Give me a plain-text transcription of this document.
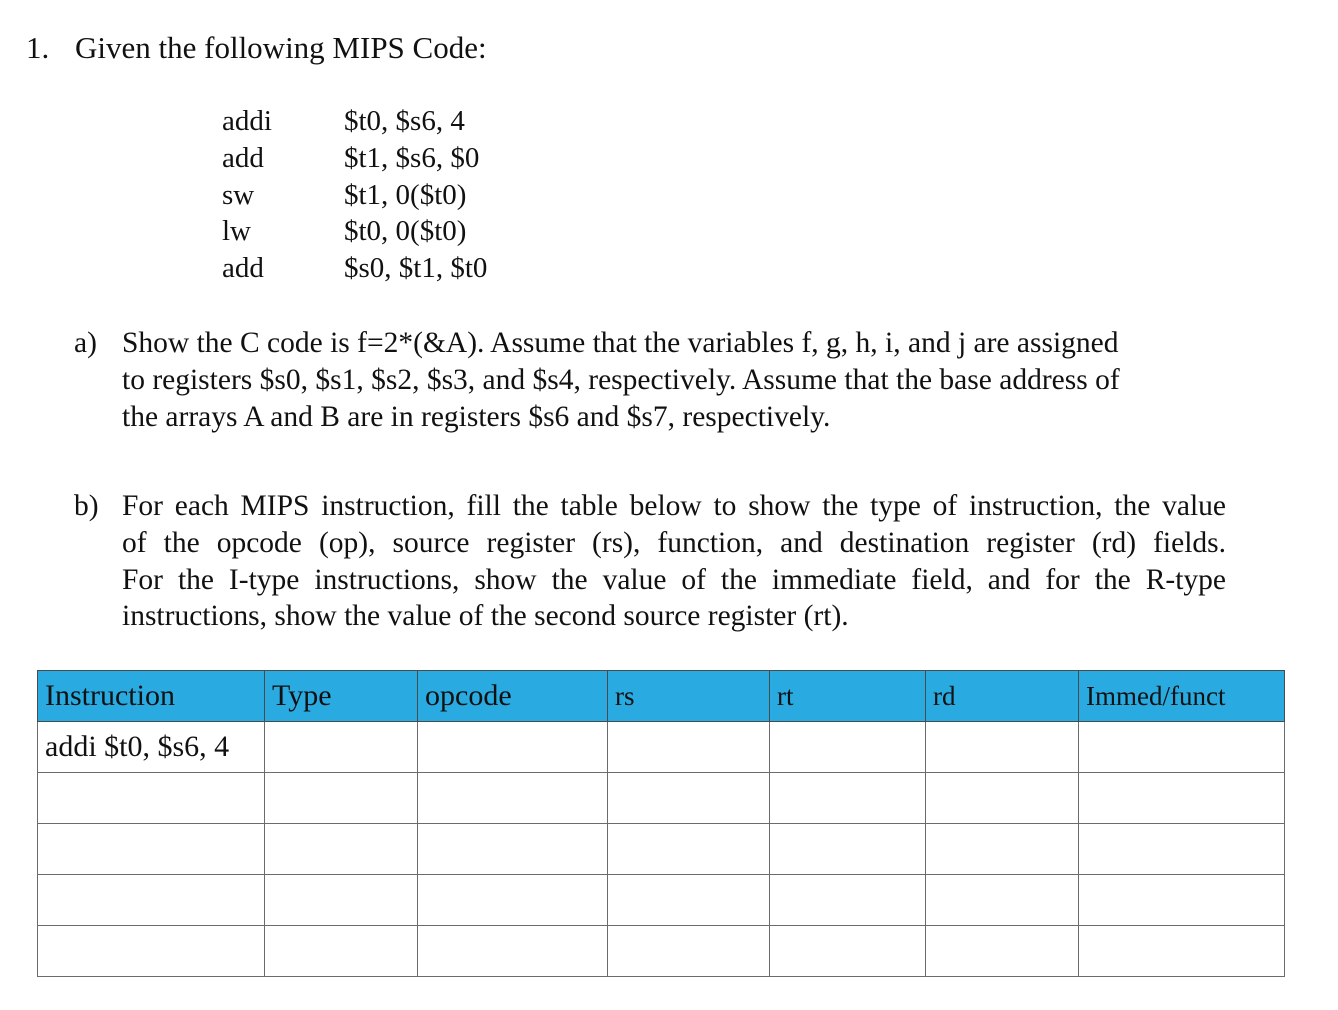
1. Given the following MIPS Code:
addi	$t0, $s6, 4
add	$t1, $s6, $0
sw	$t1, 0($t0)
lw	$t0, 0($t0)
add	$s0, $t1, $t0
a) Show the C code is f=2*(&A). Assume that the variables f, g, h, i, and j are assigned
to registers $s0, $s1, $s2, $s3, and $s4, respectively. Assume that the base address of
the arrays A and B are in registers $s6 and $s7, respectively.
b) For each MIPS instruction, fill the table below to show the type of instruction, the value
of the opcode (op), source register (rs), function, and destination register (rd) fields.
For the I-type instructions, show the value of the immediate field, and for the R-type
instructions, show the value of the second source register (rt).
Instruction	Type	opcode	rs	rt	rd	Immed/funct
addi $t0, $s6, 4						
